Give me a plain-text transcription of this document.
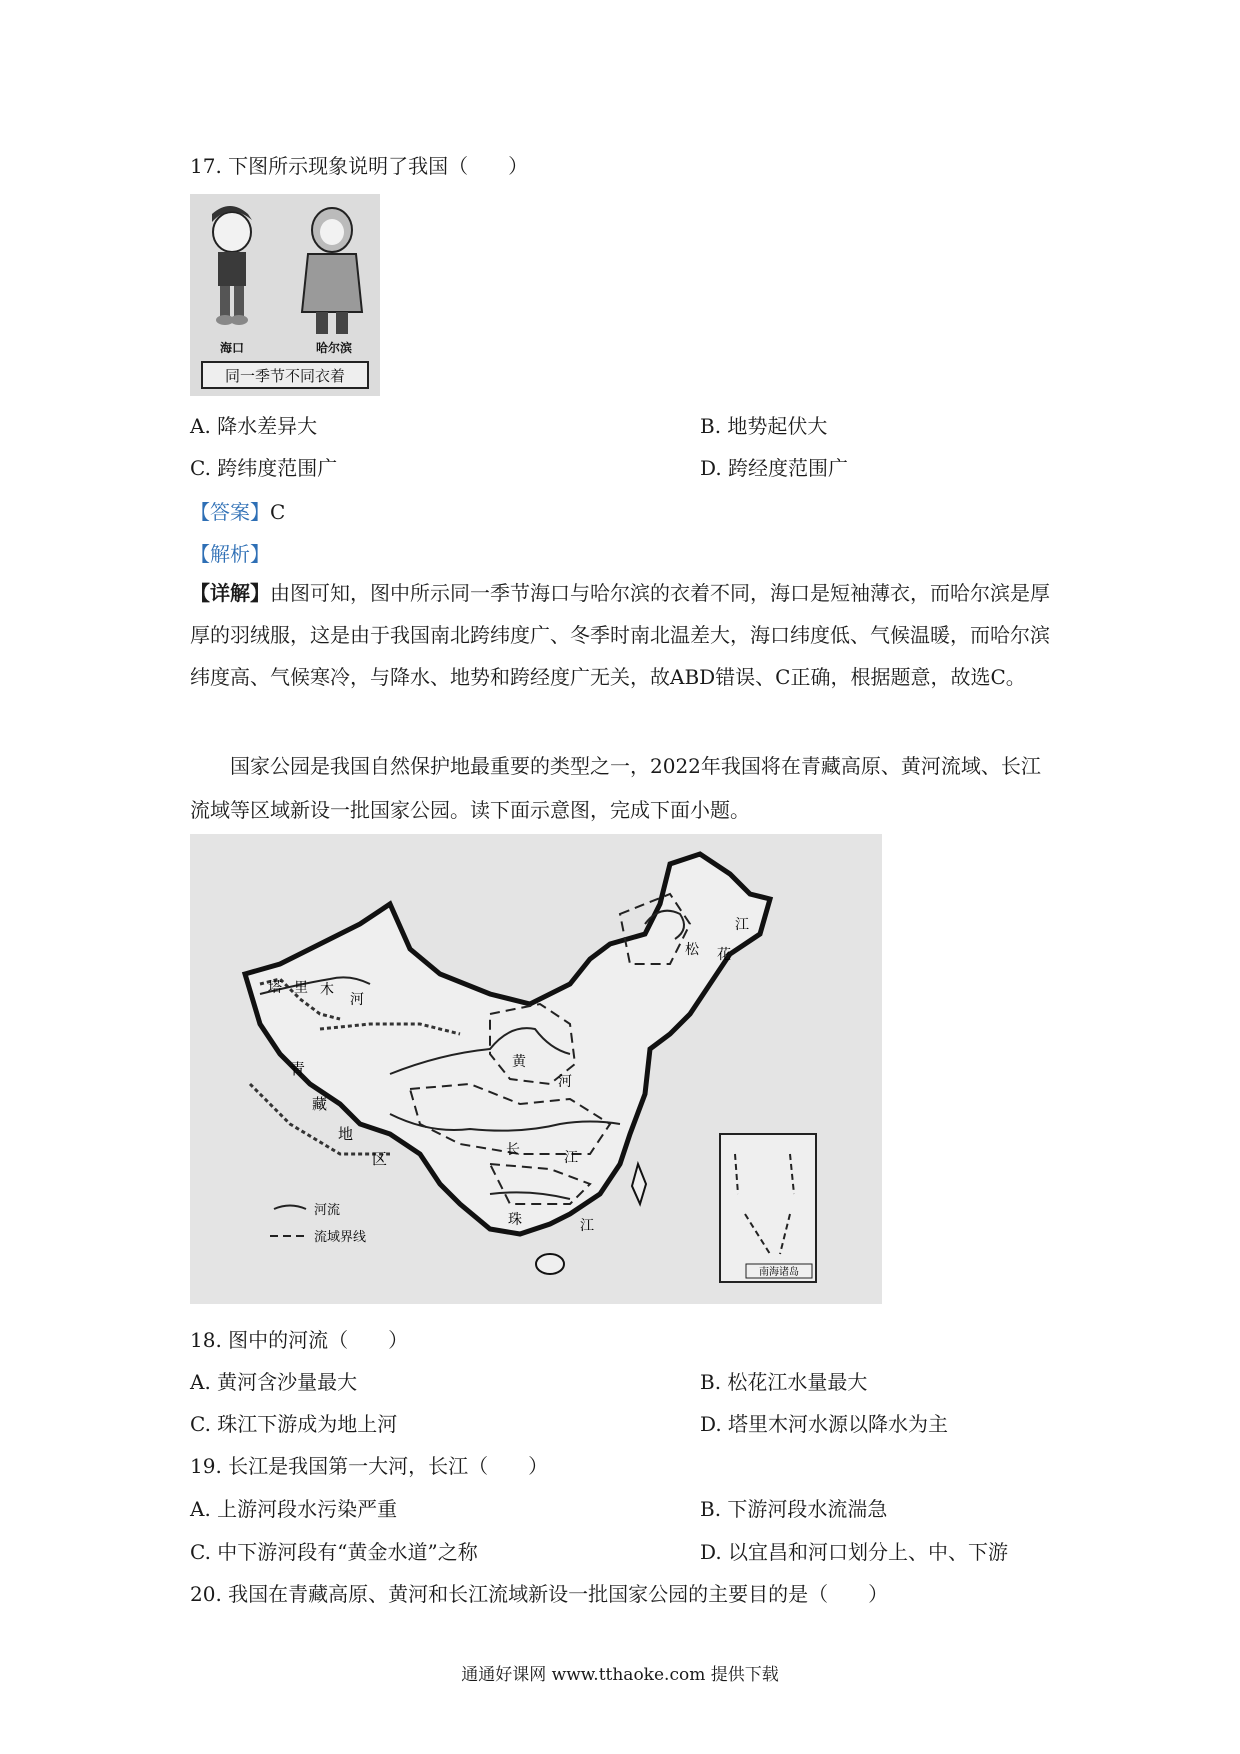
17. 下图所示现象说明了我国（　　）
海口	哈尔滨
同一季节不同衣着
A. 降水差异大	B. 地势起伏大
C. 跨纬度范围广	D. 跨经度范围广
【答案】C
【解析】
【详解】由图可知，图中所示同一季节海口与哈尔滨的衣着不同，海口是短袖薄衣，而哈尔滨是厚厚的羽绒服，这是由于我国南北跨纬度广、冬季时南北温差大，海口纬度低、气候温暖，而哈尔滨纬度高、气候寒冷，与降水、地势和跨经度广无关，故ABD错误、C正确，根据题意，故选C。
国家公园是我国自然保护地最重要的类型之一，2022年我国将在青藏高原、黄河流域、长江流域等区域新设一批国家公园。读下面示意图，完成下面小题。
塔 里 木
河
青
藏
地
区
松 花
江
黄
河
长	江
珠	江
河流
流域界线
南海诸岛
18. 图中的河流（　　）
A. 黄河含沙量最大	B. 松花江水量最大
C. 珠江下游成为地上河	D. 塔里木河水源以降水为主
19. 长江是我国第一大河，长江（　　）
A. 上游河段水污染严重	B. 下游河段水流湍急
C. 中下游河段有“黄金水道”之称	D. 以宜昌和河口划分上、中、下游
20. 我国在青藏高原、黄河和长江流域新设一批国家公园的主要目的是（　　）
通通好课网 www.tthaoke.com 提供下载
